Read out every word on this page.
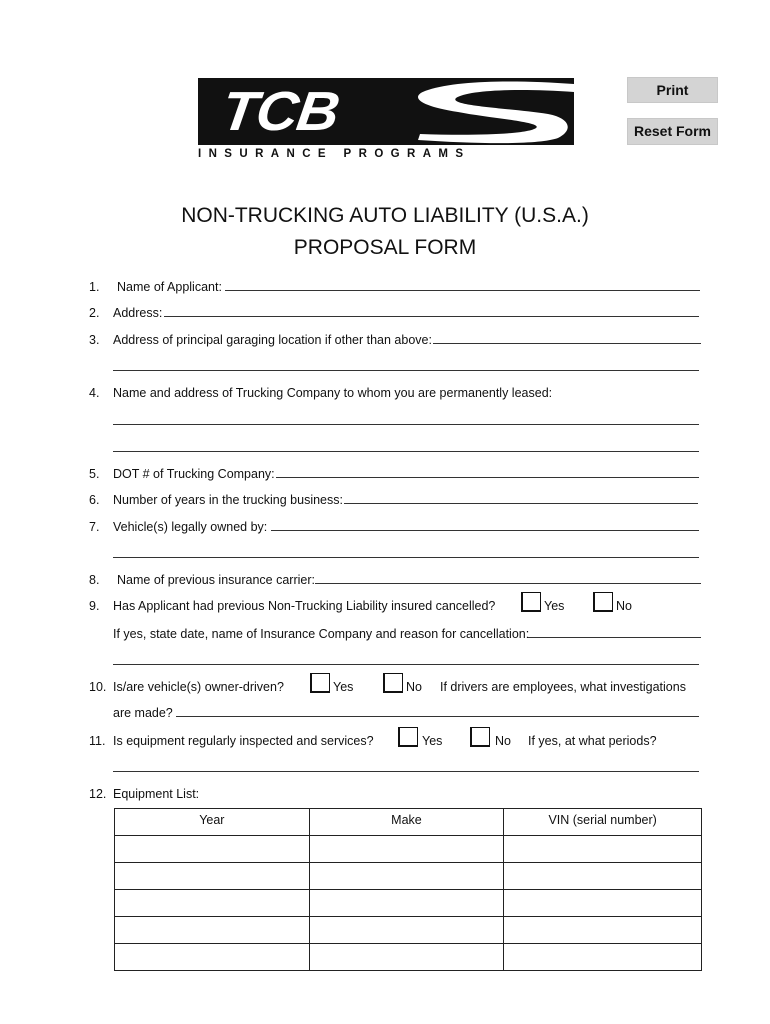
TCB
INSURANCE PROGRAMS
Print
Reset Form
NON-TRUCKING AUTO LIABILITY (U.S.A.)
PROPOSAL FORM
1. Name of Applicant:
2. Address:
3. Address of principal garaging location if other than above:
4. Name and address of Trucking Company to whom you are permanently leased:
5. DOT # of Trucking Company:
6. Number of years in the trucking business:
7. Vehicle(s) legally owned by:
8. Name of previous insurance carrier:
9. Has Applicant had previous Non-Trucking Liability insured cancelled?	Yes	No
If yes, state date, name of Insurance Company and reason for cancellation:
10. Is/are vehicle(s) owner-driven?	Yes	No If drivers are employees, what investigations
are made?
11. Is equipment regularly inspected and services?	Yes	No If yes, at what periods?
12. Equipment List:
Year	Make	VIN (serial number)
